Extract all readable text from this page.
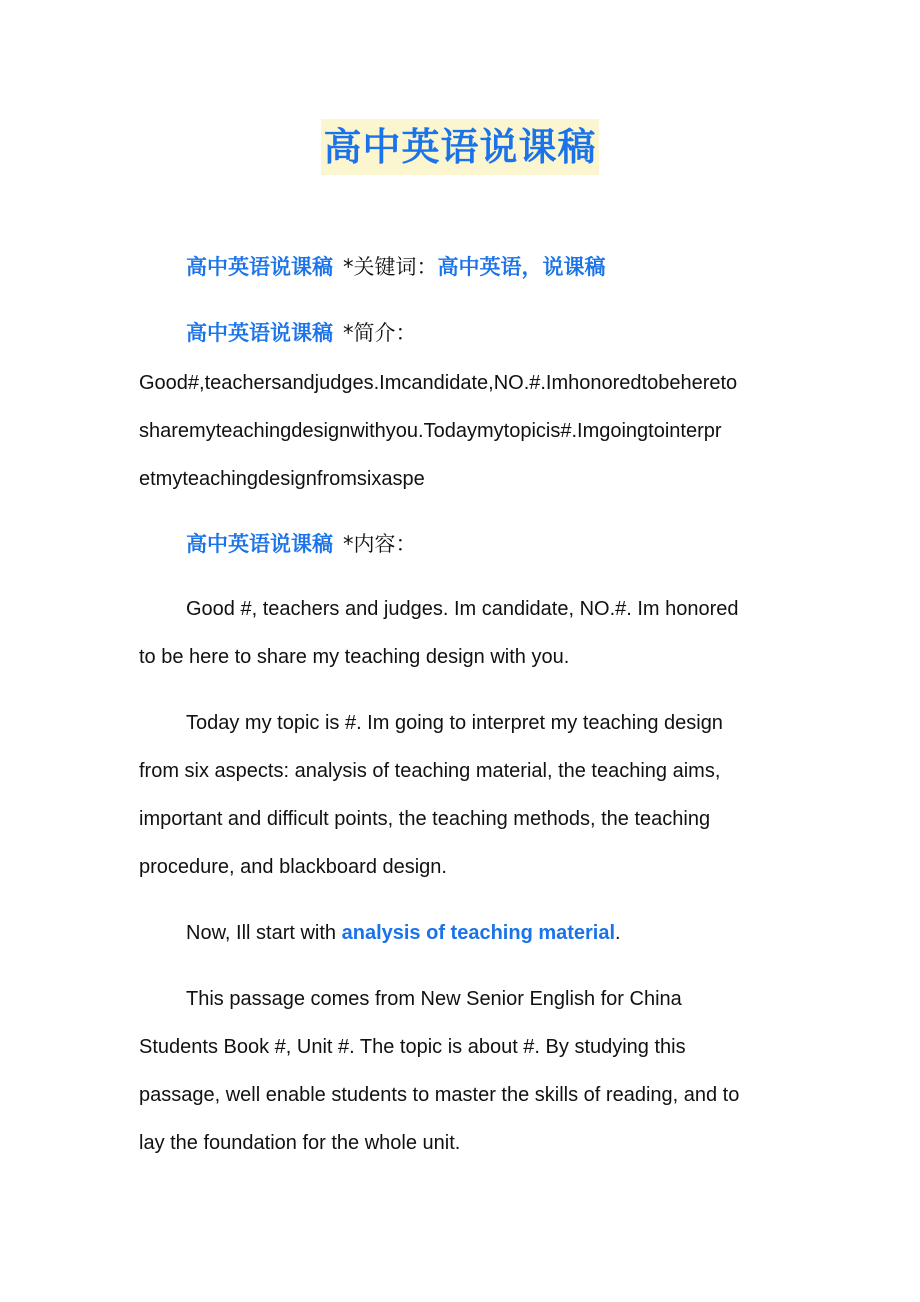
高中英语说课稿
高中英语说课稿 *关键词：高中英语，说课稿
高中英语说课稿 *简介：
Good#,teachersandjudges.Imcandidate,NO.#.Imhonoredtobehereto
sharemyteachingdesignwithyou.Todaymytopicis#.Imgoingtointerpr
etmyteachingdesignfromsixaspe
高中英语说课稿 *内容：
Good #, teachers and judges. Im candidate, NO.#. Im honored
to be here to share my teaching design with you.
Today my topic is #. Im going to interpret my teaching design
from six aspects: analysis of teaching material, the teaching aims,
important and difficult points, the teaching methods, the teaching
procedure, and blackboard design.
Now, Ill start with analysis of teaching material.
This passage comes from New Senior English for China
Students Book #, Unit #. The topic is about #. By studying this
passage, well enable students to master the skills of reading, and to
lay the foundation for the whole unit.
